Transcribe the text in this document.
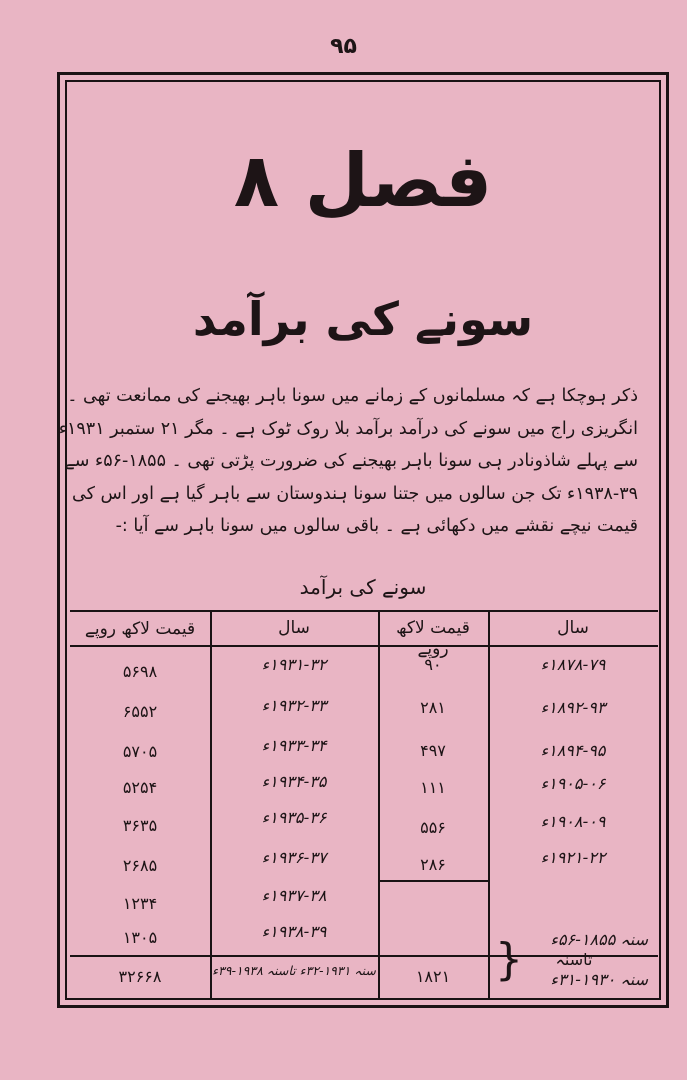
۹۵
فصل ۸
سونے کی برآمد
ذکر ہوچکا ہے کہ مسلمانوں کے زمانے میں سونا باہر بھیجنے کی ممانعت تھی ۔
انگریزی راج میں سونے کی درآمد برآمد بلا روک ٹوک ہے ۔ مگر ۲۱ ستمبر ۱۹۳۱ء
سے پہلے شاذونادر ہی سونا باہر بھیجنے کی ضرورت پڑتی تھی ۔ ۱۸۵۵-۵۶ء سے
۱۹۳۸-۳۹ء تک جن سالوں میں جتنا سونا ہندوستان سے باہر گیا ہے اور اس کی
قیمت نیچے نقشے میں دکھائی ہے ۔ باقی سالوں میں سونا باہر سے آیا :-
سونے کی برآمد
سال
قیمت لاکھ روپے
سال
قیمت لاکھ روپے
۱۸۷۸-۷۹ء
۹۰
۱۸۹۲-۹۳ء
۲۸۱
۱۸۹۴-۹۵ء
۴۹۷
۱۹۰۵-۰۶ء
۱۱۱
۱۹۰۸-۰۹ء
۵۵۶
۱۹۲۱-۲۲ء
۲۸۶
۱۹۳۱-۳۲ء
۵۶۹۸
۱۹۳۲-۳۳ء
۶۵۵۲
۱۹۳۳-۳۴ء
۵۷۰۵
۱۹۳۴-۳۵ء
۵۲۵۴
۱۹۳۵-۳۶ء
۳۶۳۵
۱۹۳۶-۳۷ء
۲۶۸۵
۱۹۳۷-۳۸ء
۱۲۳۴
۱۹۳۸-۳۹ء
۱۳۰۵
سنہ ۱۹۳۱-۳۲ء تاسنہ ۱۹۳۸-۳۹ء
۳۲۶۶۸	۱۸۲۱
سنہ ۱۸۵۵-۵۶ء
تاسنہ
سنہ ۱۹۳۰-۳۱ء
{
